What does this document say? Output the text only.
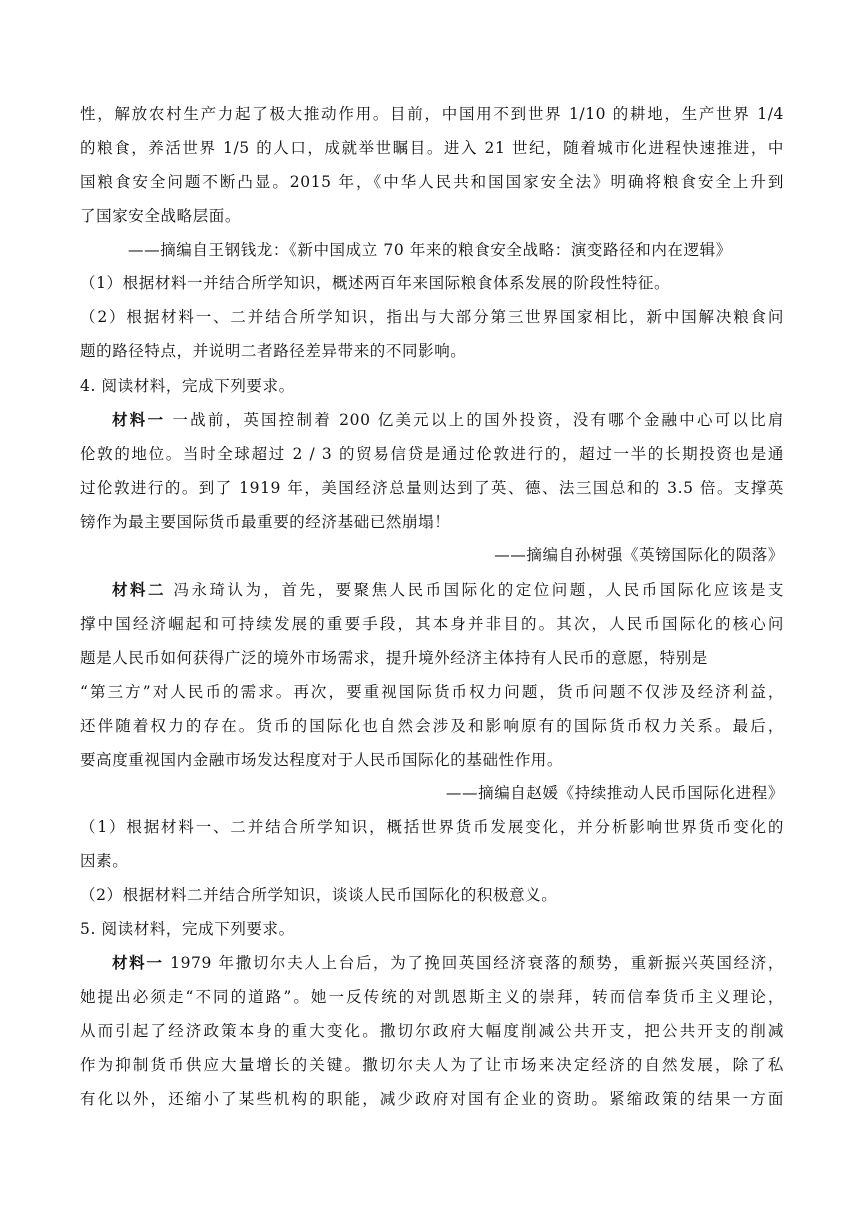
性，解放农村生产力起了极大推动作用。目前，中国用不到世界 1/10 的耕地，生产世界 1/4
的粮食，养活世界 1/5 的人口，成就举世瞩目。进入 21 世纪，随着城市化进程快速推进，中
国粮食安全问题不断凸显。2015 年，《中华人民共和国国家安全法》明确将粮食安全上升到
了国家安全战略层面。
——摘编自王钢钱龙：《新中国成立 70 年来的粮食安全战略：演变路径和内在逻辑》
（1）根据材料一并结合所学知识，概述两百年来国际粮食体系发展的阶段性特征。
（2）根据材料一、二并结合所学知识，指出与大部分第三世界国家相比，新中国解决粮食问
题的路径特点，并说明二者路径差异带来的不同影响。
4. 阅读材料，完成下列要求。
材料一 一战前，英国控制着 200 亿美元以上的国外投资，没有哪个金融中心可以比肩
伦敦的地位。当时全球超过 2 / 3 的贸易信贷是通过伦敦进行的，超过一半的长期投资也是通
过伦敦进行的。到了 1919 年，美国经济总量则达到了英、德、法三国总和的 3.5 倍。支撑英
镑作为最主要国际货币最重要的经济基础已然崩塌！
——摘编自孙树强《英镑国际化的陨落》
材料二 冯永琦认为，首先，要聚焦人民币国际化的定位问题，人民币国际化应该是支
撑中国经济崛起和可持续发展的重要手段，其本身并非目的。其次，人民币国际化的核心问
题是人民币如何获得广泛的境外市场需求，提升境外经济主体持有人民币的意愿，特别是
“第三方”对人民币的需求。再次，要重视国际货币权力问题，货币问题不仅涉及经济利益，
还伴随着权力的存在。货币的国际化也自然会涉及和影响原有的国际货币权力关系。最后，
要高度重视国内金融市场发达程度对于人民币国际化的基础性作用。
——摘编自赵媛《持续推动人民币国际化进程》
（1）根据材料一、二并结合所学知识，概括世界货币发展变化，并分析影响世界货币变化的
因素。
（2）根据材料二并结合所学知识，谈谈人民币国际化的积极意义。
5. 阅读材料，完成下列要求。
材料一 1979 年撒切尔夫人上台后，为了挽回英国经济衰落的颓势，重新振兴英国经济，
她提出必须走“不同的道路”。她一反传统的对凯恩斯主义的崇拜，转而信奉货币主义理论，
从而引起了经济政策本身的重大变化。撒切尔政府大幅度削减公共开支，把公共开支的削减
作为抑制货币供应大量增长的关键。撒切尔夫人为了让市场来决定经济的自然发展，除了私
有化以外，还缩小了某些机构的职能，减少政府对国有企业的资助。紧缩政策的结果一方面
